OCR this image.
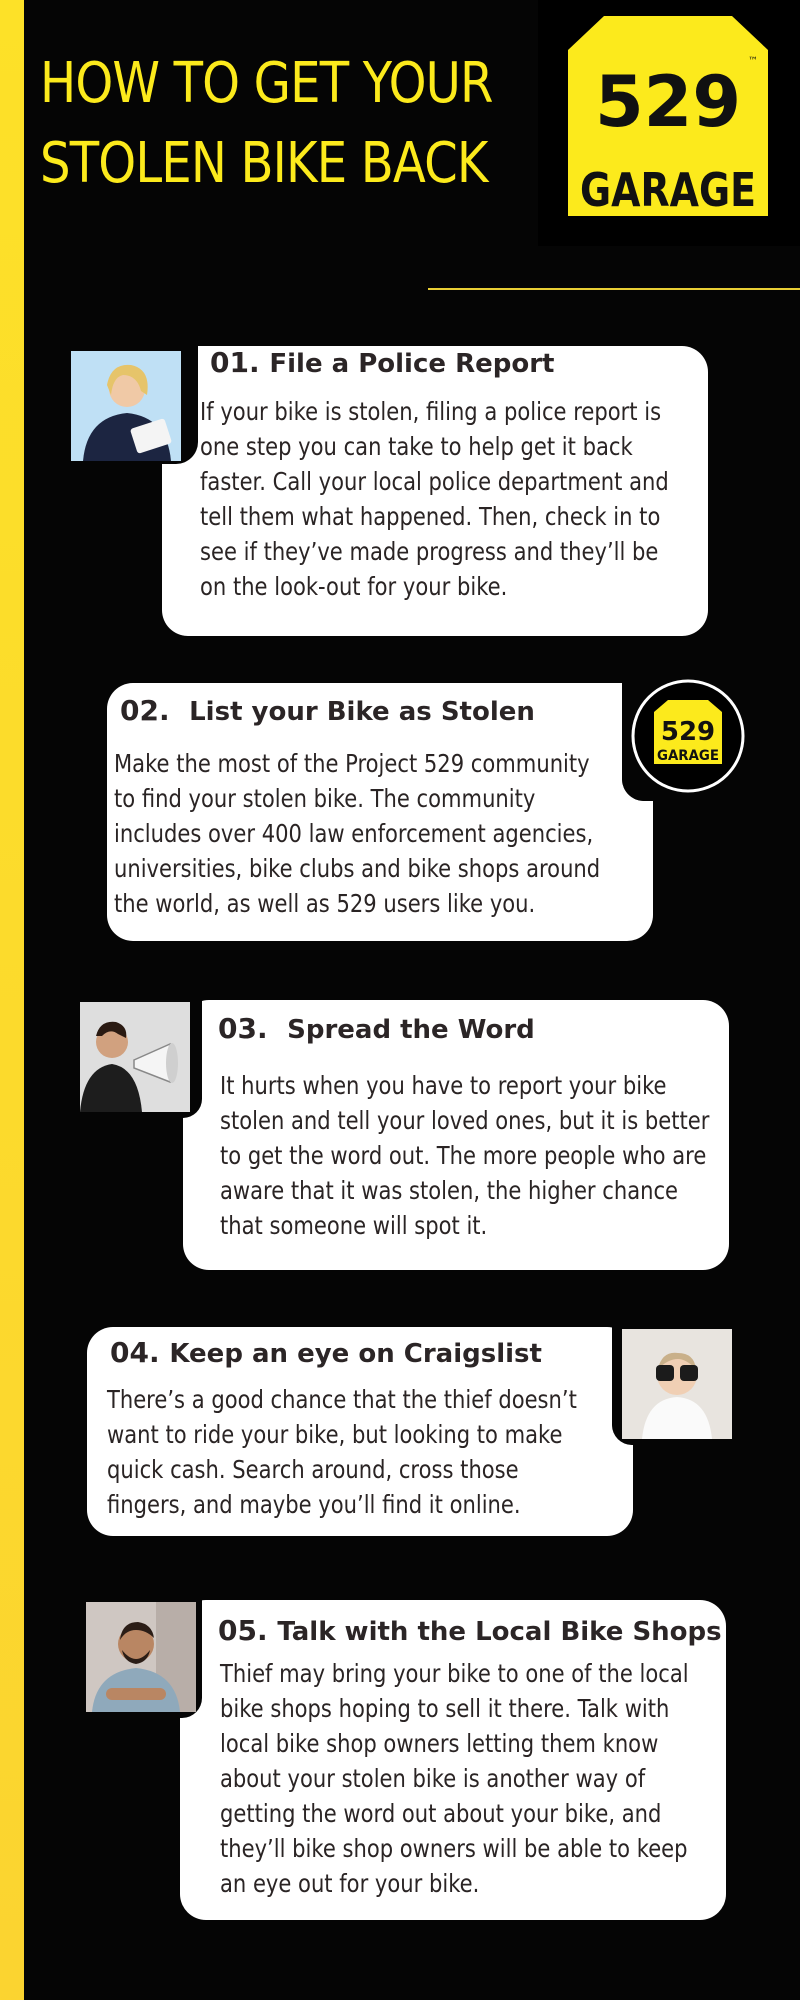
HOW TO GET YOUR
STOLEN BIKE BACK
529
GARAGE
™
01. File a Police Report
If your bike is stolen, filing a police report is one step you can take to help get it back faster. Call your local police department and tell them what happened. Then, check in to see if they’ve made progress and they’ll be on the look-out for your bike.
529
GARAGE
02. List your Bike as Stolen
Make the most of the Project 529 community to find your stolen bike. The community includes over 400 law enforcement agencies, universities, bike clubs and bike shops around the world, as well as 529 users like you.
03. Spread the Word
It hurts when you have to report your bike stolen and tell your loved ones, but it is better to get the word out. The more people who are aware that it was stolen, the higher chance that someone will spot it.
04. Keep an eye on Craigslist
There’s a good chance that the thief doesn’t want to ride your bike, but looking to make quick cash. Search around, cross those fingers, and maybe you’ll find it online.
05. Talk with the Local Bike Shops
Thief may bring your bike to one of the local bike shops hoping to sell it there. Talk with local bike shop owners letting them know about your stolen bike is another way of getting the word out about your bike, and they’ll bike shop owners will be able to keep an eye out for your bike.
